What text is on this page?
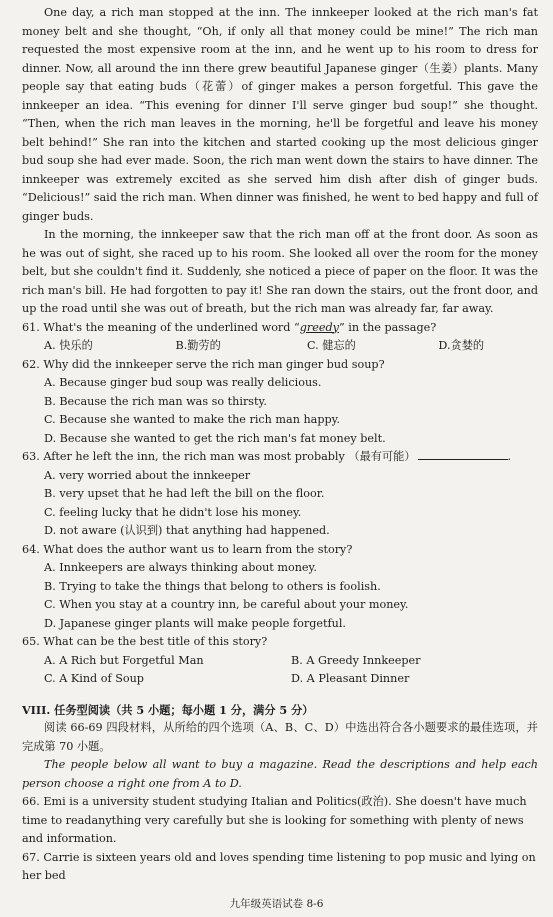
One day, a rich man stopped at the inn. The innkeeper looked at the rich man's fat money belt and she thought, “Oh, if only all that money could be mine!” The rich man requested the most expensive room at the inn, and he went up to his room to dress for dinner. Now, all around the inn there grew beautiful Japanese ginger（生姜）plants. Many people say that eating buds（花蕾）of ginger makes a person forgetful. This gave the innkeeper an idea. “This evening for dinner I'll serve ginger bud soup!” she thought. “Then, when the rich man leaves in the morning, he'll be forgetful and leave his money belt behind!” She ran into the kitchen and started cooking up the most delicious ginger bud soup she had ever made. Soon, the rich man went down the stairs to have dinner. The innkeeper was extremely excited as she served him dish after dish of ginger buds. “Delicious!” said the rich man. When dinner was finished, he went to bed happy and full of ginger buds.

In the morning, the innkeeper saw that the rich man off at the front door. As soon as he was out of sight, she raced up to his room. She looked all over the room for the money belt, but she couldn't find it. Suddenly, she noticed a piece of paper on the floor. It was the rich man's bill. He had forgotten to pay it! She ran down the stairs, out the front door, and up the road until she was out of breath, but the rich man was already far, far away.

61. What's the meaning of the underlined word “greedy” in the passage?

A. 快乐的	B.勤劳的	C. 健忘的	D.贪婪的

62. Why did the innkeeper serve the rich man ginger bud soup?

A. Because ginger bud soup was really delicious.

B. Because the rich man was so thirsty.

C. Because she wanted to make the rich man happy.

D. Because she wanted to get the rich man's fat money belt.

63. After he left the inn, the rich man was most probably （最有可能）	.

A. very worried about the innkeeper

B. very upset that he had left the bill on the floor.

C. feeling lucky that he didn't lose his money.

D. not aware (认识到) that anything had happened.

64. What does the author want us to learn from the story?

A. Innkeepers are always thinking about money.

B. Trying to take the things that belong to others is foolish.

C. When you stay at a country inn, be careful about your money.

D. Japanese ginger plants will make people forgetful.

65. What can be the best title of this story?

A. A Rich but Forgetful Man	B. A Greedy Innkeeper
C. A Kind of Soup	D. A Pleasant Dinner

VIII. 任务型阅读（共 5 小题；每小题 1 分，满分 5 分）

阅读 66-69 四段材料，从所给的四个选项（A、B、C、D）中选出符合各小题要求的最佳选项，并完成第 70 小题。

The people below all want to buy a magazine. Read the descriptions and help each person choose a right one from A to D.

66. Emi is a university student studying Italian and Politics(政治). She doesn't have much time to readanything very carefully but she is looking for something with plenty of news and information.

67. Carrie is sixteen years old and loves spending time listening to pop music and lying on her bed

九年级英语试卷 8-6
